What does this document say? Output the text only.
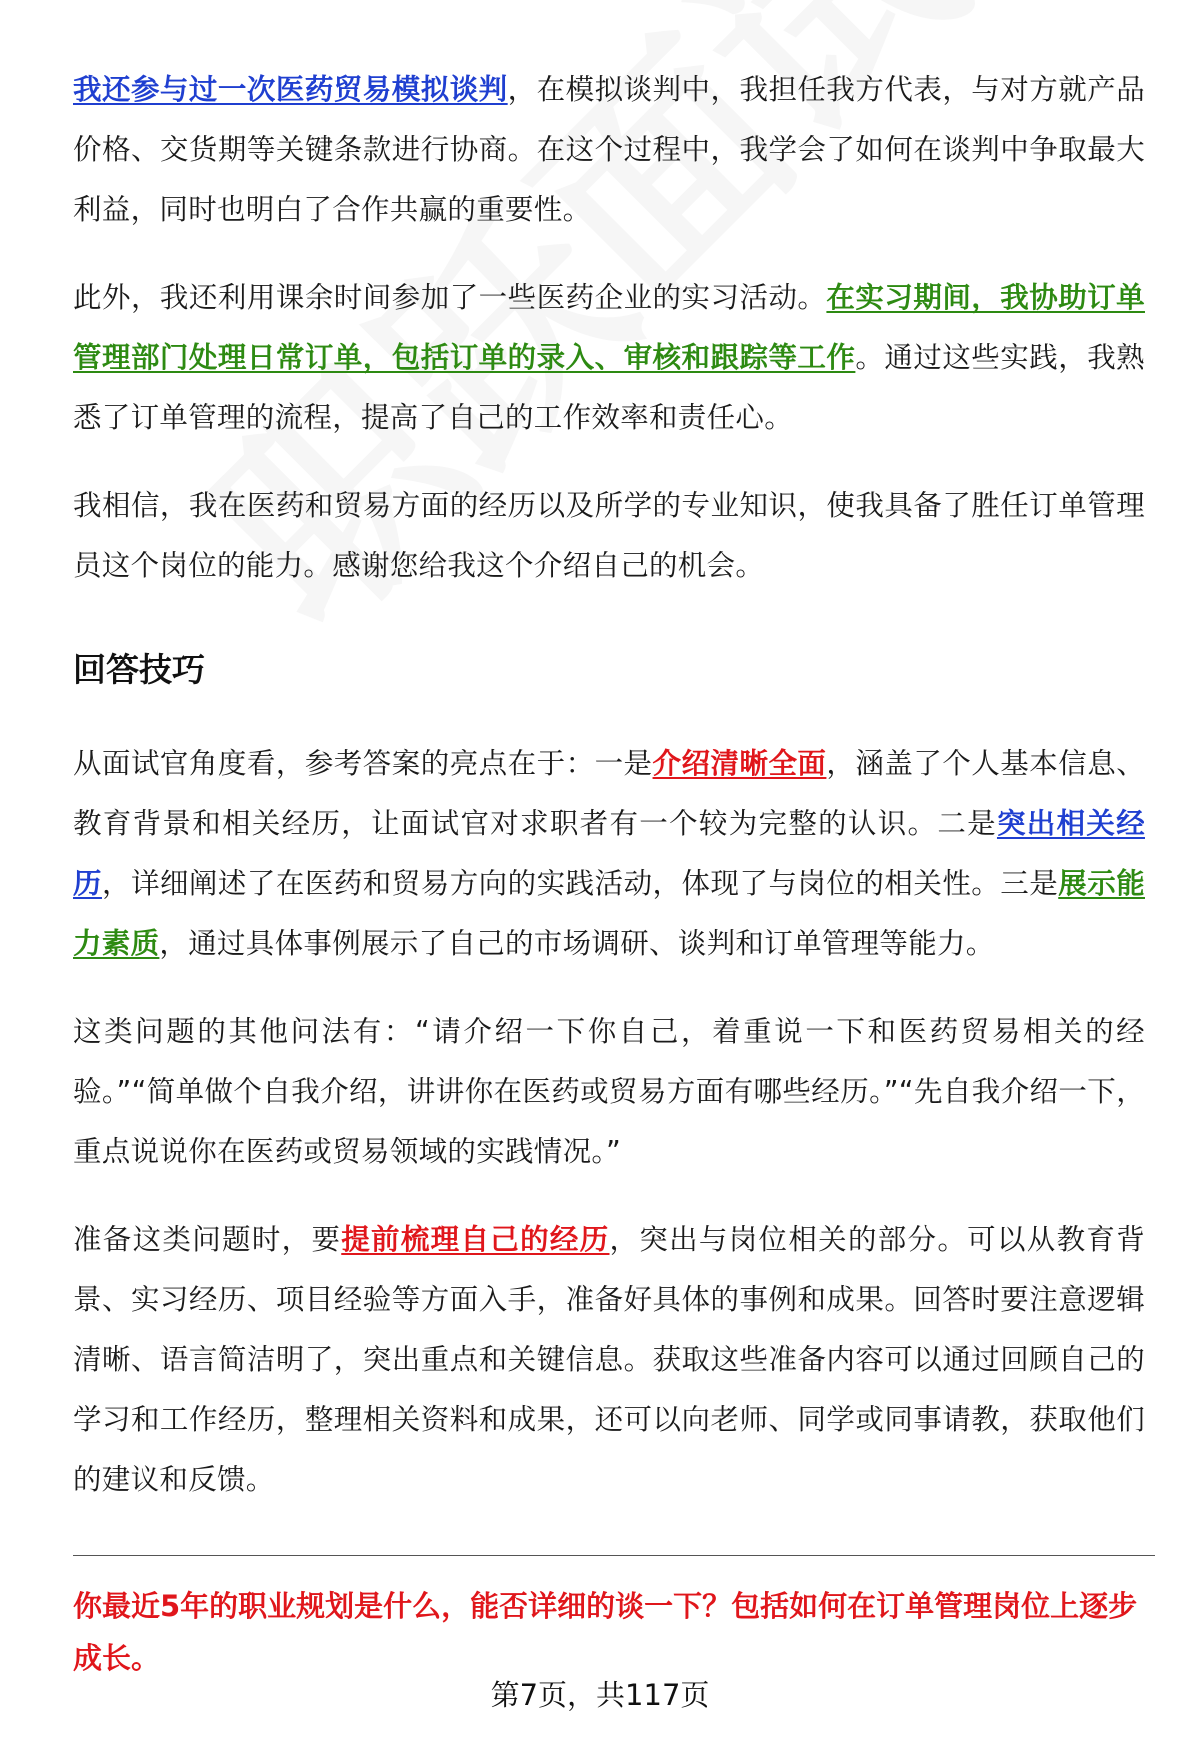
我还参与过一次医药贸易模拟谈判，在模拟谈判中，我担任我方代表，与对方就产品价格、交货期等关键条款进行协商。在这个过程中，我学会了如何在谈判中争取最大利益，同时也明白了合作共赢的重要性。

此外，我还利用课余时间参加了一些医药企业的实习活动。在实习期间，我协助订单管理部门处理日常订单，包括订单的录入、审核和跟踪等工作。通过这些实践，我熟悉了订单管理的流程，提高了自己的工作效率和责任心。

我相信，我在医药和贸易方面的经历以及所学的专业知识，使我具备了胜任订单管理员这个岗位的能力。感谢您给我这个介绍自己的机会。

回答技巧

从面试官角度看，参考答案的亮点在于：一是介绍清晰全面，涵盖了个人基本信息、教育背景和相关经历，让面试官对求职者有一个较为完整的认识。二是突出相关经历，详细阐述了在医药和贸易方向的实践活动，体现了与岗位的相关性。三是展示能力素质，通过具体事例展示了自己的市场调研、谈判和订单管理等能力。

这类问题的其他问法有：“请介绍一下你自己，着重说一下和医药贸易相关的经验。”“简单做个自我介绍，讲讲你在医药或贸易方面有哪些经历。”“先自我介绍一下，重点说说你在医药或贸易领域的实践情况。”

准备这类问题时，要提前梳理自己的经历，突出与岗位相关的部分。可以从教育背景、实习经历、项目经验等方面入手，准备好具体的事例和成果。回答时要注意逻辑清晰、语言简洁明了，突出重点和关键信息。获取这些准备内容可以通过回顾自己的学习和工作经历，整理相关资料和成果，还可以向老师、同学或同事请教，获取他们的建议和反馈。

你最近5年的职业规划是什么，能否详细的谈一下？包括如何在订单管理岗位上逐步成长。
第7页，共117页
